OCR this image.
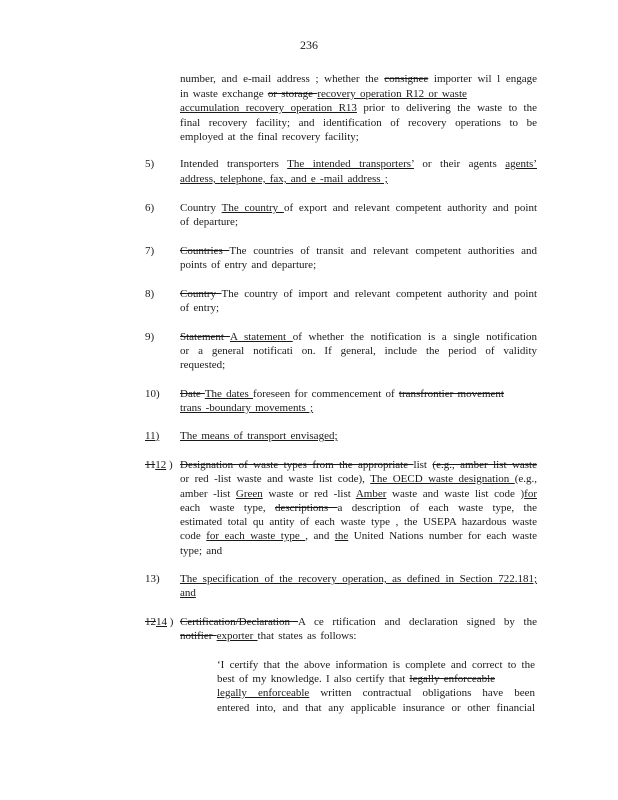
236
number, and e-mail address ; whether the consignee importer wil l engage
in waste exchange or storage recovery operation R12 or waste
accumulation recovery operation R13 prior to delivering the waste to the
final recovery facility; and identification of recovery operations to be
employed at the final recovery facility;
5) Intended transporters The intended transporters’ or their agents agents’
address, telephone, fax, and e -mail address ;
6) Country The country of export and relevant competent authority and point
of departure;
7) Countries The countries of transit and relevant competent authorities and
points of entry and departure;
8) Country The country of import and relevant competent authority and point
of entry;
9) Statement A statement of whether the notification is a single notification
or a general notificati on. If general, include the period of validity
requested;
10) Date The dates foreseen for commencement of transfrontier movement
trans -boundary movements ;
11) The means of transport envisaged;
1112 ) Designation of waste types from the appropriate list (e.g., amber list waste
or red -list waste and waste list code), The OECD waste designation (e.g.,
amber -list Green waste or red -list Amber waste and waste list code )for
each waste type, descriptions a description of each waste type, the
estimated total qu antity of each waste type , the USEPA hazardous waste
code for each waste type , and the United Nations number for each waste
type; and
13) The specification of the recovery operation, as defined in Section 722.181;
and
1214 ) Certification/Declaration A ce rtification and declaration signed by the
notifier exporter that states as follows:
‘I certify that the above information is complete and correct to the
best of my knowledge. I also certify that legally enforceable
legally enforceable written contractual obligations have been
entered into, and that any applicable insurance or other financial
